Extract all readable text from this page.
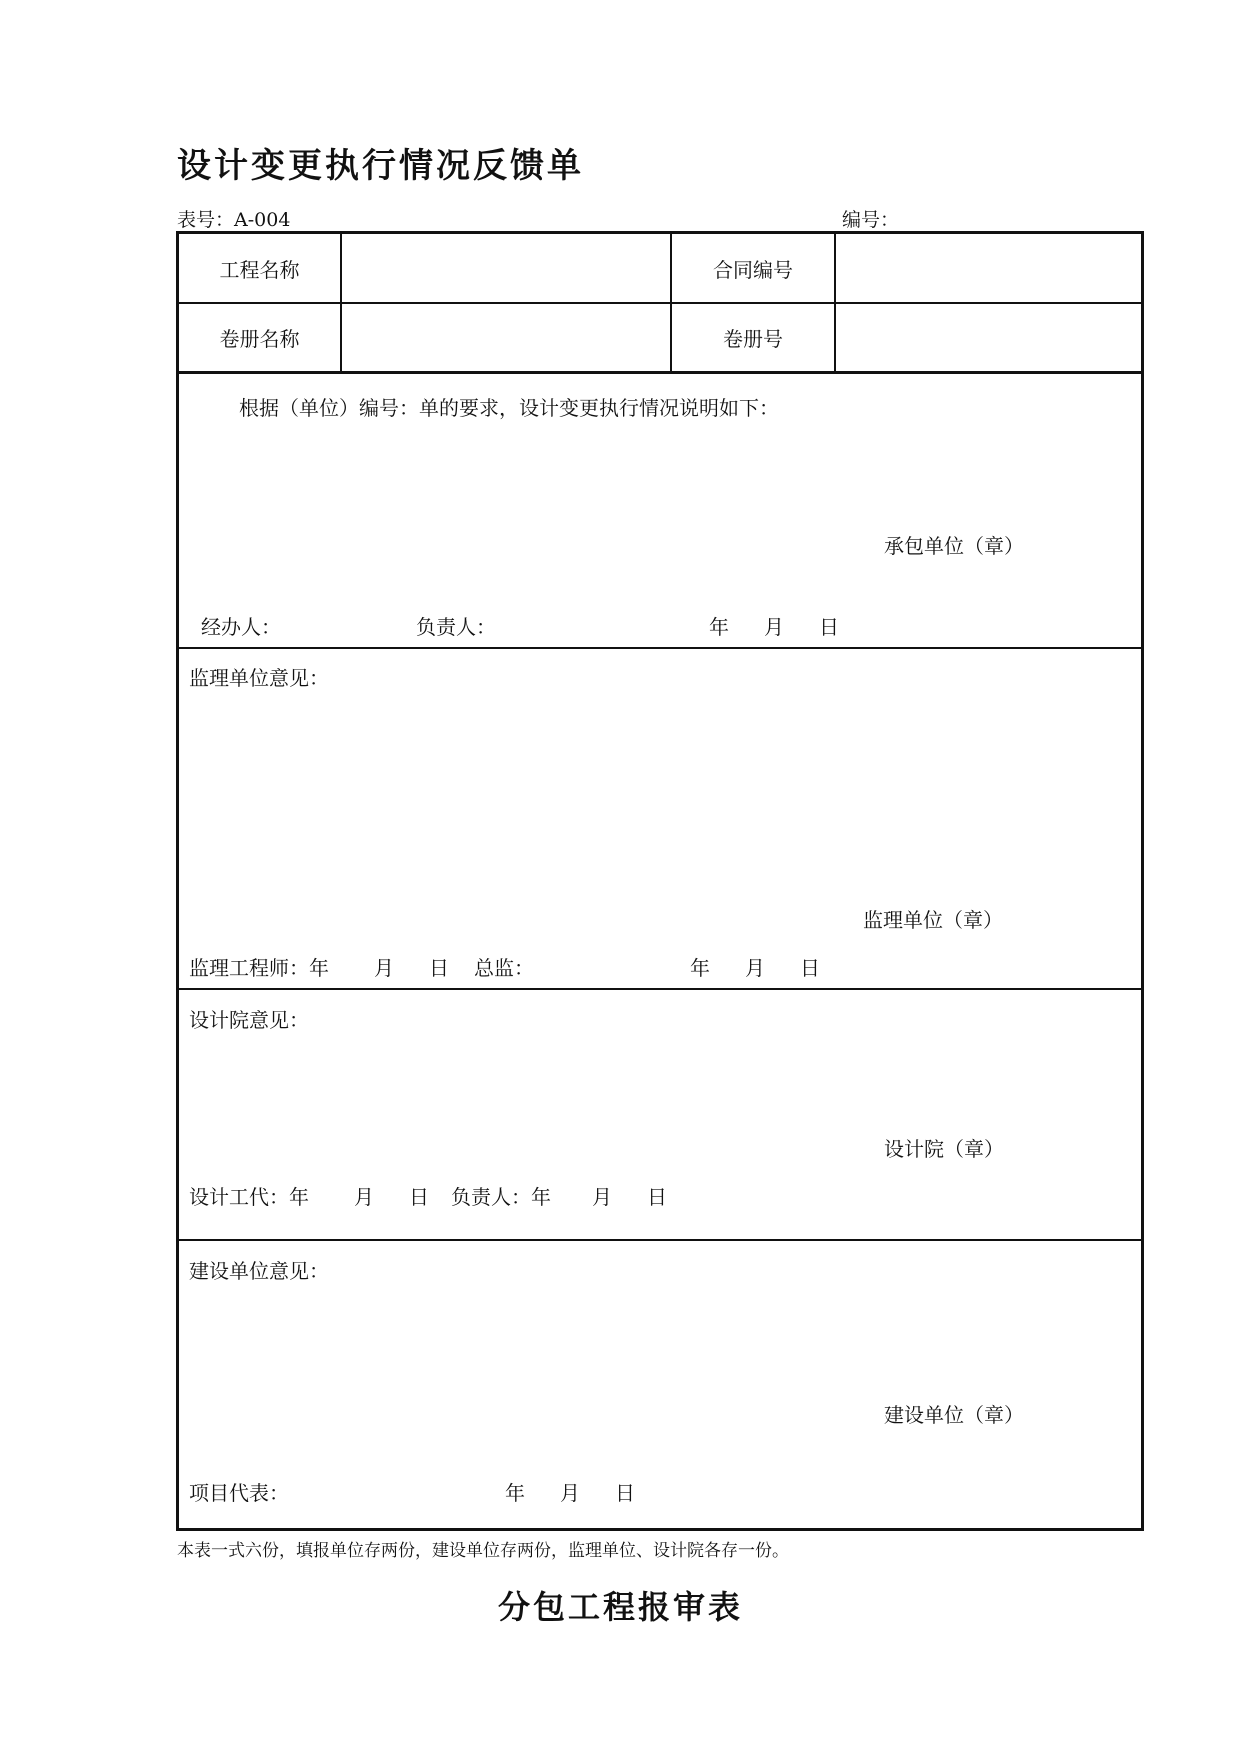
设计变更执行情况反馈单
表号：A-004	编号：
工程名称	合同编号
卷册名称	卷册号
根据（单位）编号：单的要求，设计变更执行情况说明如下：
承包单位（章）
经办人：	负责人：	年 月 日
监理单位意见：
监理单位（章）
监理工程师：年 月 日 总监：	年 月 日
设计院意见：
设计院（章）
设计工代：年 月 日 负责人：年 月 日
建设单位意见：
建设单位（章）
项目代表：	年 月 日
本表一式六份，填报单位存两份，建设单位存两份，监理单位、设计院各存一份。
分包工程报审表
